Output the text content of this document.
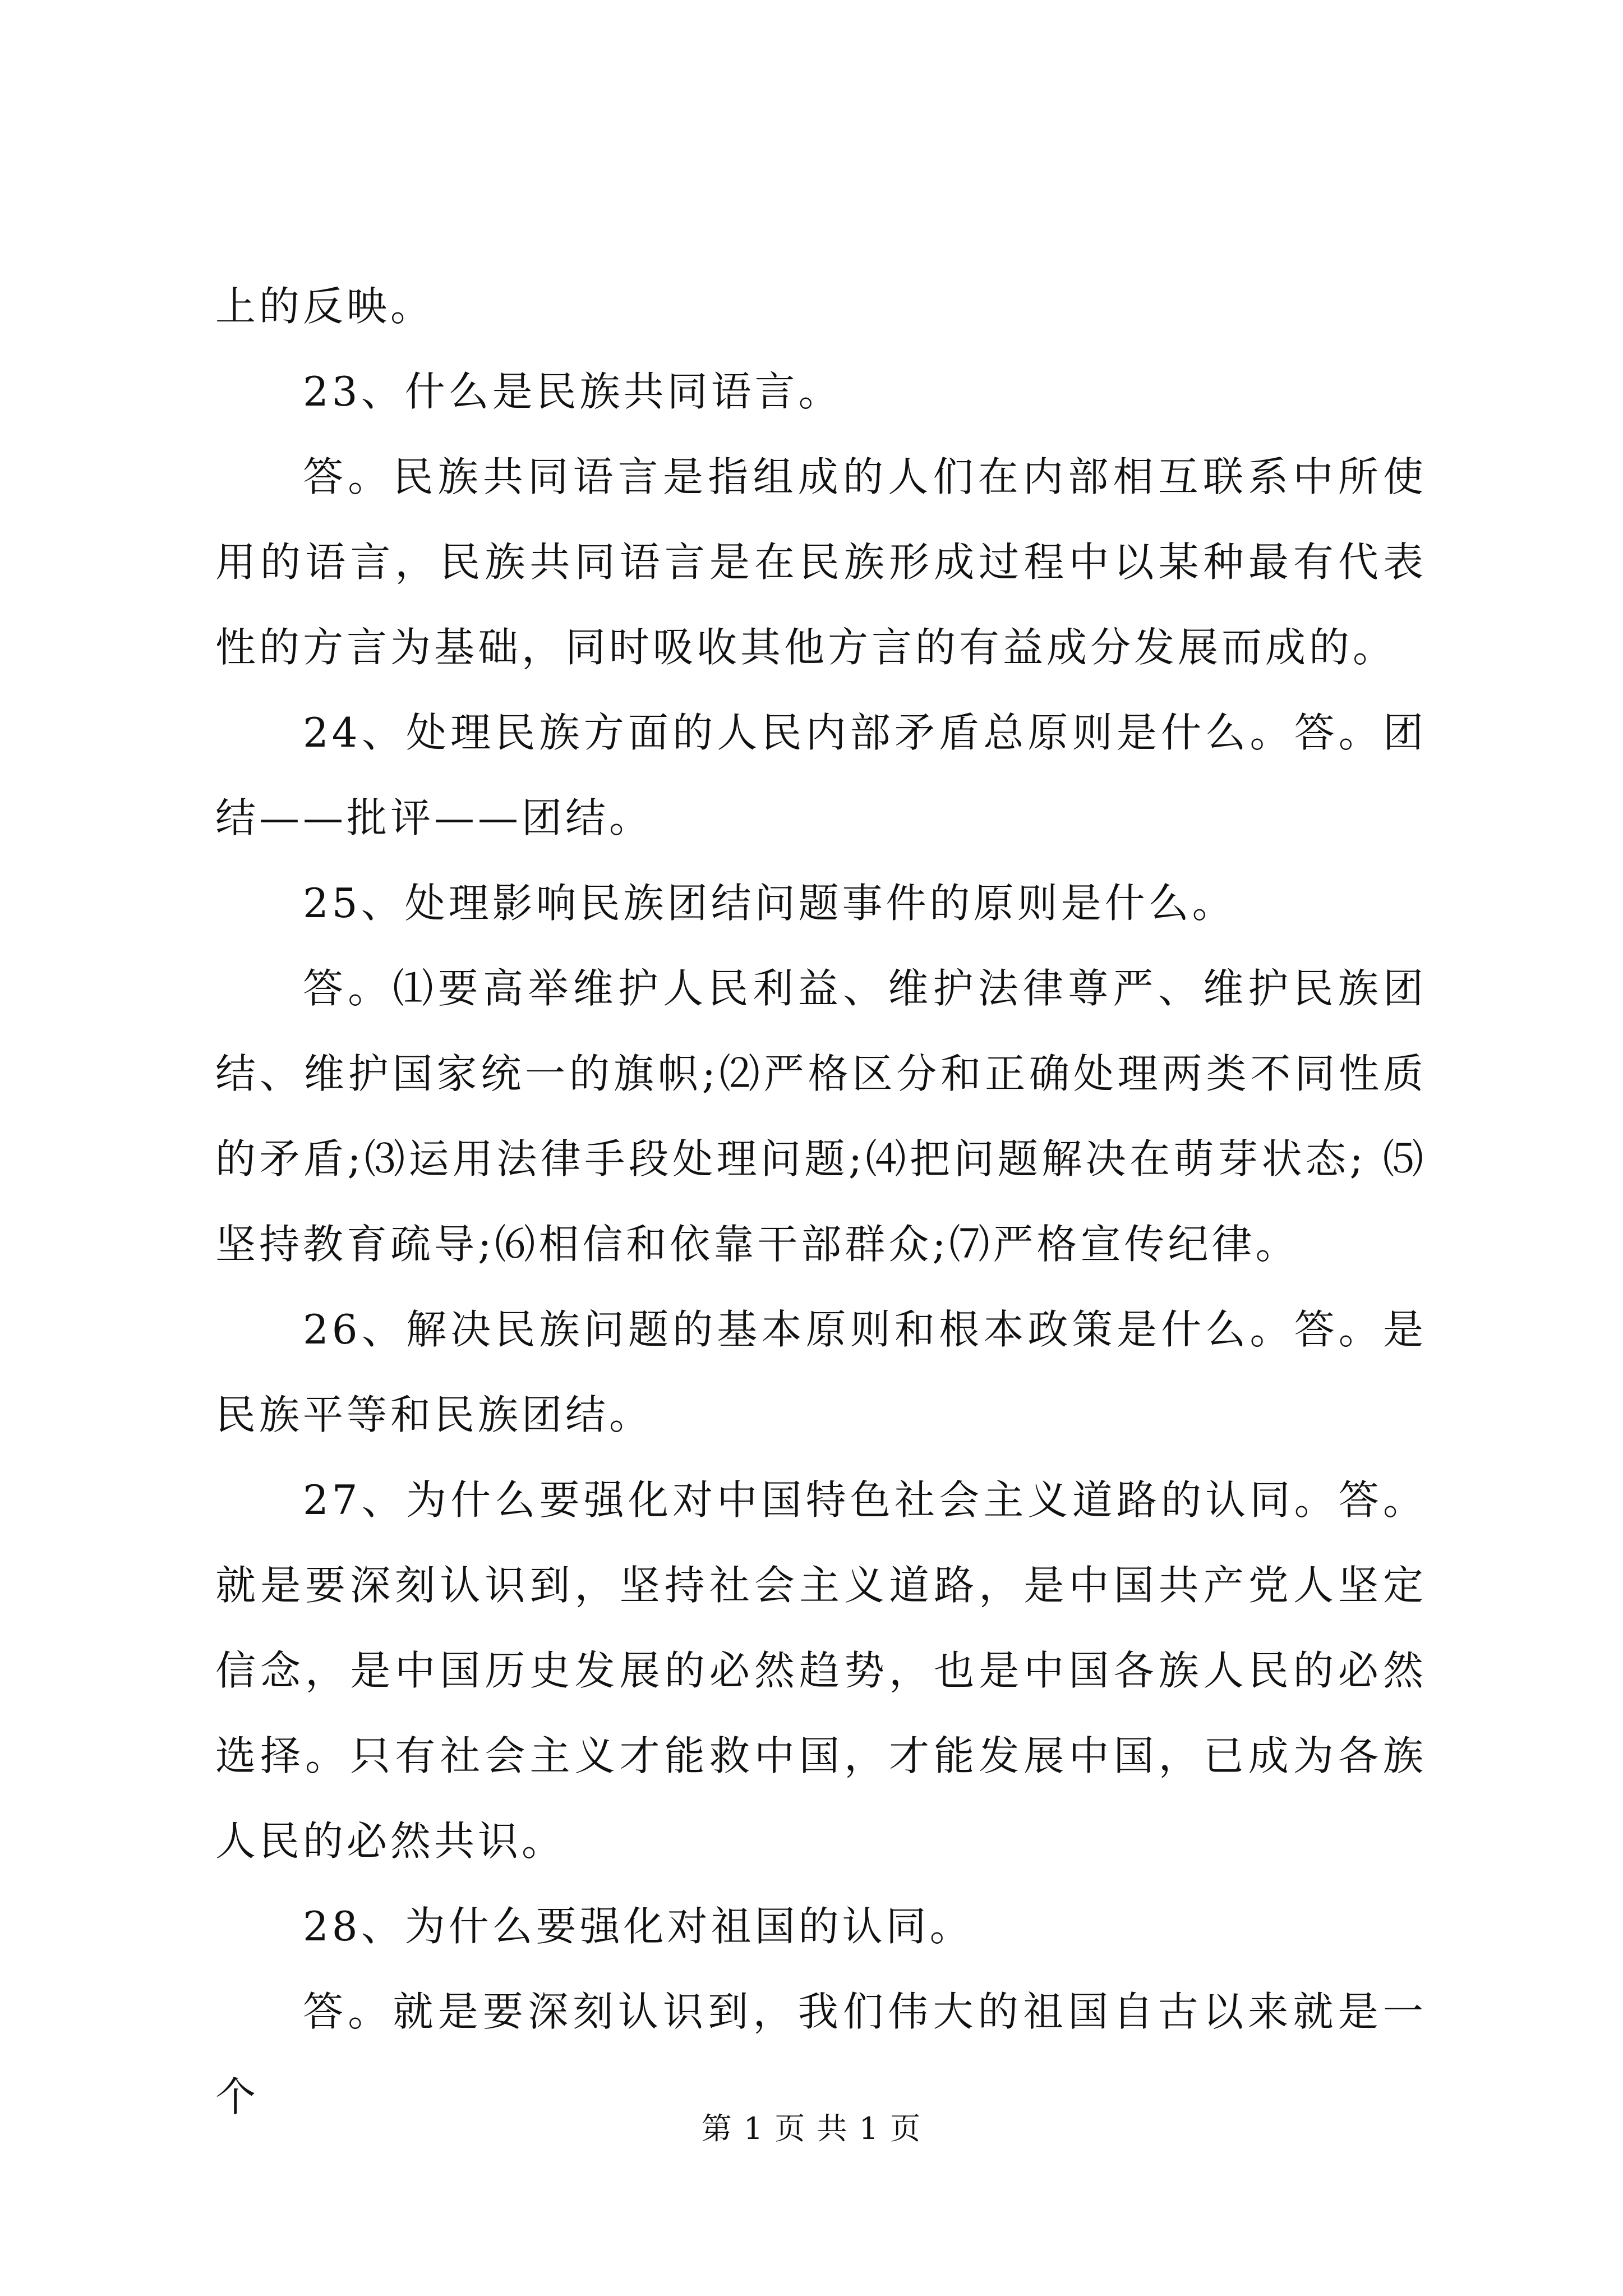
上的反映。

23、什么是民族共同语言。

答。民族共同语言是指组成的人们在内部相互联系中所使用的语言，民族共同语言是在民族形成过程中以某种最有代表性的方言为基础，同时吸收其他方言的有益成分发展而成的。

24、处理民族方面的人民内部矛盾总原则是什么。答。团结——批评——团结。

25、处理影响民族团结问题事件的原则是什么。

答。⑴要高举维护人民利益、维护法律尊严、维护民族团结、维护国家统一的旗帜;⑵严格区分和正确处理两类不同性质的矛盾;⑶运用法律手段处理问题;⑷把问题解决在萌芽状态; ⑸坚持教育疏导;⑹相信和依靠干部群众;⑺严格宣传纪律。

26、解决民族问题的基本原则和根本政策是什么。答。是民族平等和民族团结。

27、为什么要强化对中国特色社会主义道路的认同。答。就是要深刻认识到，坚持社会主义道路，是中国共产党人坚定信念，是中国历史发展的必然趋势，也是中国各族人民的必然选择。只有社会主义才能救中国，才能发展中国，已成为各族人民的必然共识。

28、为什么要强化对祖国的认同。

答。就是要深刻认识到，我们伟大的祖国自古以来就是一个

第 1 页 共 1 页
